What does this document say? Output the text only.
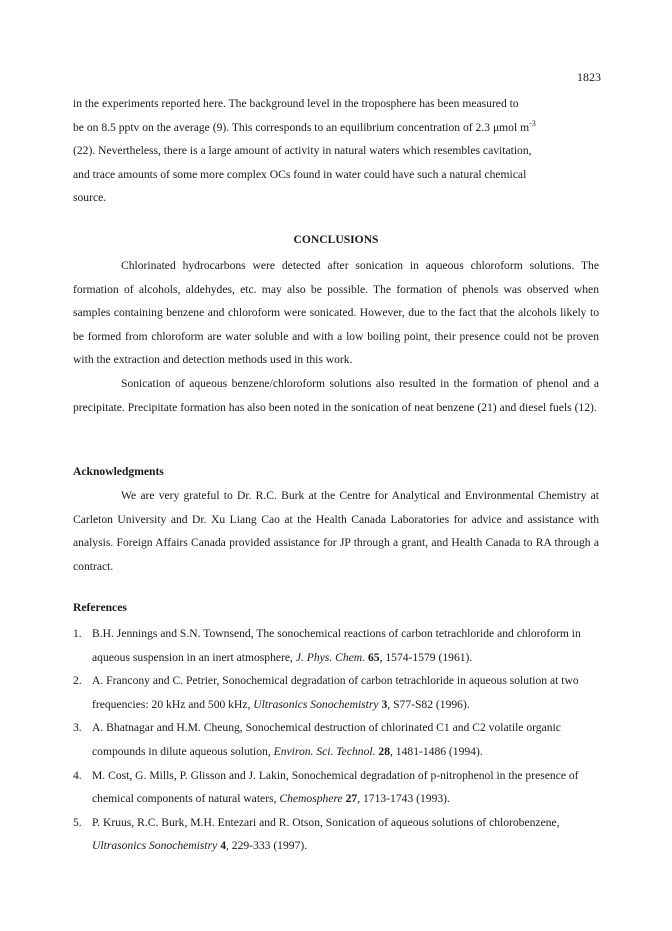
1823
in the experiments reported here. The background level in the troposphere has been measured to
be on 8.5 pptv on the average (9). This corresponds to an equilibrium concentration of 2.3 μmol $m^{-3}$
(22). Nevertheless, there is a large amount of activity in natural waters which resembles cavitation,
and trace amounts of some more complex OCs found in water could have such a natural chemical
source.
CONCLUSIONS

Chlorinated hydrocarbons were detected after sonication in aqueous chloroform solutions. The formation of alcohols, aldehydes, etc. may also be possible. The formation of phenols was observed when samples containing benzene and chloroform were sonicated. However, due to the fact that the alcohols likely to be formed from chloroform are water soluble and with a low boiling point, their presence could not be proven with the extraction and detection methods used in this work.

Sonication of aqueous benzene/chloroform solutions also resulted in the formation of phenol and a precipitate. Precipitate formation has also been noted in the sonication of neat benzene (21) and diesel fuels (12).

Acknowledgments

We are very grateful to Dr. R.C. Burk at the Centre for Analytical and Environmental Chemistry at Carleton University and Dr. Xu Liang Cao at the Health Canada Laboratories for advice and assistance with analysis. Foreign Affairs Canada provided assistance for JP through a grant, and Health Canada to RA through a contract.

References
1. B.H. Jennings and S.N. Townsend, The sonochemical reactions of carbon tetrachloride and chloroform in aqueous suspension in an inert atmosphere, J. Phys. Chem. 65, 1574-1579 (1961).
2. A. Francony and C. Petrier, Sonochemical degradation of carbon tetrachloride in aqueous solution at two frequencies: 20 kHz and 500 kHz, Ultrasonics Sonochemistry 3, S77-S82 (1996).
3. A. Bhatnagar and H.M. Cheung, Sonochemical destruction of chlorinated C1 and C2 volatile organic compounds in dilute aqueous solution, Environ. Sci. Technol. 28, 1481-1486 (1994).
4. M. Cost, G. Mills, P. Glisson and J. Lakin, Sonochemical degradation of p-nitrophenol in the presence of chemical components of natural waters, Chemosphere 27, 1713-1743 (1993).
5. P. Kruus, R.C. Burk, M.H. Entezari and R. Otson, Sonication of aqueous solutions of chlorobenzene, Ultrasonics Sonochemistry 4, 229-333 (1997).
